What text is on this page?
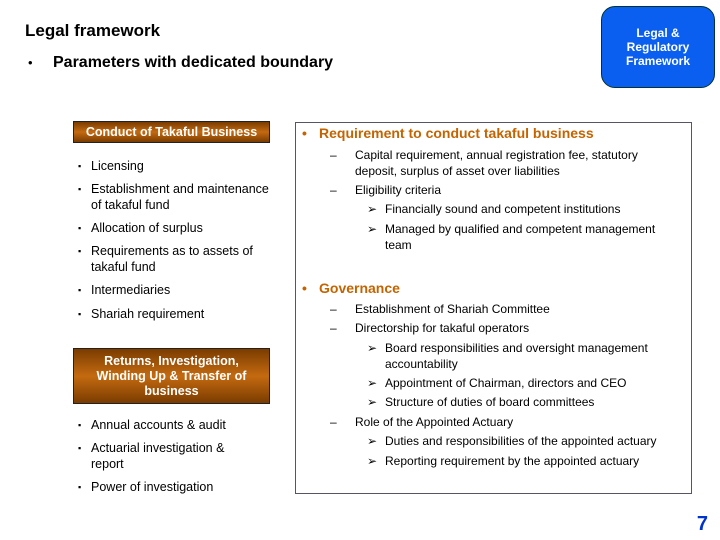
Legal framework
• Parameters with dedicated boundary
Legal & Regulatory Framework
Conduct of Takaful Business
▪ Licensing
▪ Establishment and maintenance of takaful fund
▪ Allocation of surplus
▪ Requirements as to assets of takaful fund
▪ Intermediaries
▪ Shariah requirement
Returns, Investigation, Winding Up & Transfer of business
▪ Annual accounts & audit
▪ Actuarial investigation & report
▪ Power of investigation
• Requirement to conduct takaful business
– Capital requirement, annual registration fee, statutory deposit, surplus of asset over liabilities
– Eligibility criteria
➢ Financially sound and competent institutions
➢ Managed by qualified and competent management team
• Governance
– Establishment of Shariah Committee
– Directorship for takaful operators
➢ Board responsibilities and oversight management accountability
➢ Appointment of Chairman, directors and CEO
➢ Structure of duties of board committees
– Role of the Appointed Actuary
➢ Duties and responsibilities of the appointed actuary
➢ Reporting requirement by the appointed actuary
7
